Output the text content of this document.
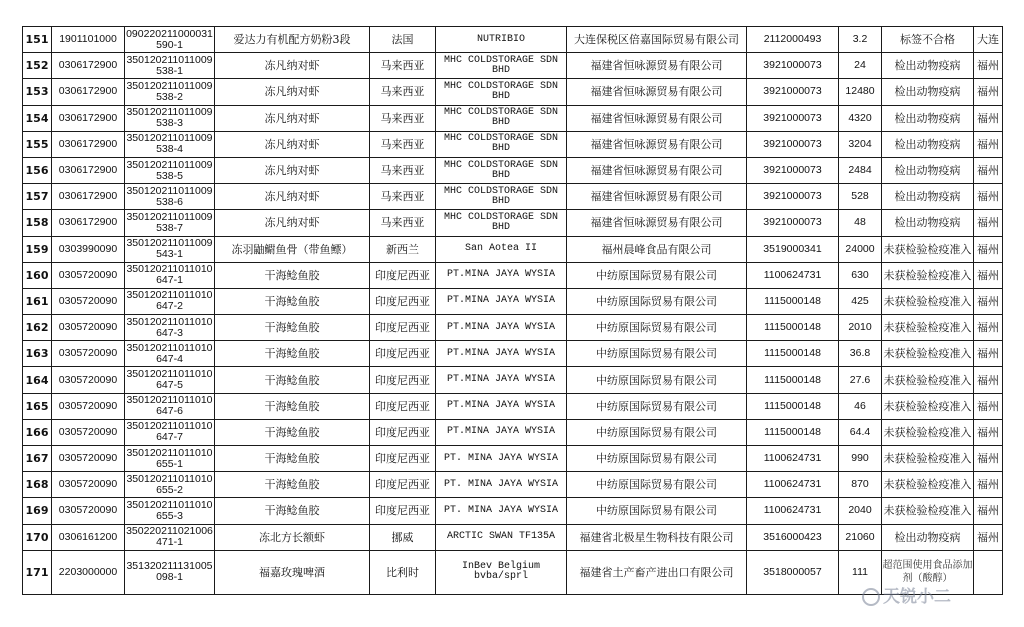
151	1901101000	090220211000031590-1	爱达力有机配方奶粉3段	法国	NUTRIBIO	大连保税区倍嘉国际贸易有限公司	2112000493	3.2	标签不合格	大连
152	0306172900	350120211011009538-1	冻凡纳对虾	马来西亚	MHC COLDSTORAGE SDN BHD	福建省恒咏源贸易有限公司	3921000073	24	检出动物疫病	福州
153	0306172900	350120211011009538-2	冻凡纳对虾	马来西亚	MHC COLDSTORAGE SDN BHD	福建省恒咏源贸易有限公司	3921000073	12480	检出动物疫病	福州
154	0306172900	350120211011009538-3	冻凡纳对虾	马来西亚	MHC COLDSTORAGE SDN BHD	福建省恒咏源贸易有限公司	3921000073	4320	检出动物疫病	福州
155	0306172900	350120211011009538-4	冻凡纳对虾	马来西亚	MHC COLDSTORAGE SDN BHD	福建省恒咏源贸易有限公司	3921000073	3204	检出动物疫病	福州
156	0306172900	350120211011009538-5	冻凡纳对虾	马来西亚	MHC COLDSTORAGE SDN BHD	福建省恒咏源贸易有限公司	3921000073	2484	检出动物疫病	福州
157	0306172900	350120211011009538-6	冻凡纳对虾	马来西亚	MHC COLDSTORAGE SDN BHD	福建省恒咏源贸易有限公司	3921000073	528	检出动物疫病	福州
158	0306172900	350120211011009538-7	冻凡纳对虾	马来西亚	MHC COLDSTORAGE SDN BHD	福建省恒咏源贸易有限公司	3921000073	48	检出动物疫病	福州
159	0303990090	350120211011009543-1	冻羽鼬鳚鱼骨（带鱼鳔）	新西兰	San Aotea II	福州晨峰食品有限公司	3519000341	24000	未获检验检疫准入	福州
160	0305720090	350120211011010647-1	干海鲶鱼胶	印度尼西亚	PT.MINA JAYA WYSIA	中纺原国际贸易有限公司	1100624731	630	未获检验检疫准入	福州
161	0305720090	350120211011010647-2	干海鲶鱼胶	印度尼西亚	PT.MINA JAYA WYSIA	中纺原国际贸易有限公司	1115000148	425	未获检验检疫准入	福州
162	0305720090	350120211011010647-3	干海鲶鱼胶	印度尼西亚	PT.MINA JAYA WYSIA	中纺原国际贸易有限公司	1115000148	2010	未获检验检疫准入	福州
163	0305720090	350120211011010647-4	干海鲶鱼胶	印度尼西亚	PT.MINA JAYA WYSIA	中纺原国际贸易有限公司	1115000148	36.8	未获检验检疫准入	福州
164	0305720090	350120211011010647-5	干海鲶鱼胶	印度尼西亚	PT.MINA JAYA WYSIA	中纺原国际贸易有限公司	1115000148	27.6	未获检验检疫准入	福州
165	0305720090	350120211011010647-6	干海鲶鱼胶	印度尼西亚	PT.MINA JAYA WYSIA	中纺原国际贸易有限公司	1115000148	46	未获检验检疫准入	福州
166	0305720090	350120211011010647-7	干海鲶鱼胶	印度尼西亚	PT.MINA JAYA WYSIA	中纺原国际贸易有限公司	1115000148	64.4	未获检验检疫准入	福州
167	0305720090	350120211011010655-1	干海鲶鱼胶	印度尼西亚	PT. MINA JAYA WYSIA	中纺原国际贸易有限公司	1100624731	990	未获检验检疫准入	福州
168	0305720090	350120211011010655-2	干海鲶鱼胶	印度尼西亚	PT. MINA JAYA WYSIA	中纺原国际贸易有限公司	1100624731	870	未获检验检疫准入	福州
169	0305720090	350120211011010655-3	干海鲶鱼胶	印度尼西亚	PT. MINA JAYA WYSIA	中纺原国际贸易有限公司	1100624731	2040	未获检验检疫准入	福州
170	0306161200	350220211021006471-1	冻北方长额虾	挪威	ARCTIC SWAN TF135A	福建省北极星生物科技有限公司	3516000423	21060	检出动物疫病	福州
171	2203000000	351320211131005098-1	福嘉玫瑰啤酒	比利时	InBev Belgium bvba/sprl	福建省土产畜产进出口有限公司	3518000057	111	超范围使用食品添加剂（酸醇）	
天锐小二
